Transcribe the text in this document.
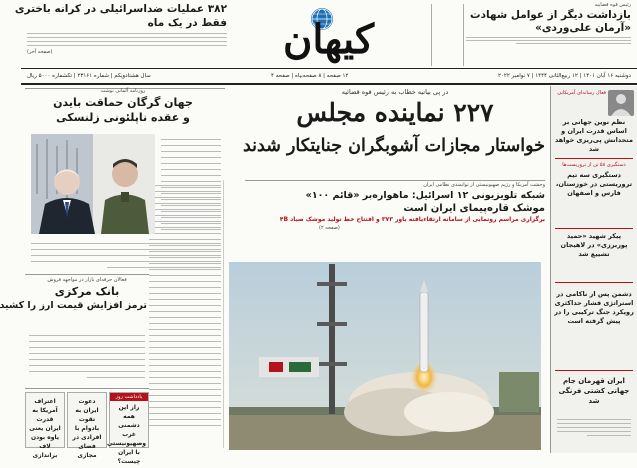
رئیس قوه قضاییه
بازداشت دیگر از عوامل شهادت
«آرمان علی‌وردی»
کیهان
۳۸۲ عملیات ضداسرائیلی در کرانه باختری
فقط در یک ماه
(صفحه آخر)
دوشنبه ۱۶ آبان ۱۴۰۱ | ۱۲ ربیع‌الثانی ۱۴۴۴ | ۷ نوامبر ۲۰۲۲
۱۲ صفحه | ۸ صفحه‌بیاه | صفحه ۴
سال هشتادویکم | شماره ۲۳۱۶۱ | تکشماره ۵۰۰۰ ریال
فعال رسانه‌ای آمریکایی
نظم نوین جهانی بر اساس قدرت ایران و متحدانش پی‌ریزی خواهد شد
دستگیری ۵۸ تن از تروریست‌ها
دستگیری سه تیم تروریستی در خوزستان، فارس و اصفهان
پیکر شهید «حمید پوربرزی» در لاهیجان تشییع شد
دشمن پس از ناکامی در استراتژی فشار حداکثری رویکرد جنگ ترکیبی را در پیش گرفته است
ایران قهرمان جام جهانی کشتی فرنگی شد
در پی بیانیه خطاب به رئیس قوه قضائیه
۲۲۷ نماینده مجلس
خواستار مجازات آشوبگران جنایتکار شدند
وحشت آمریکا و رژیم صهیونیستی از توانمندی نظامی ایران
شبکه تلویزیونی ۱۲ اسرائیل: ماهواره‌بر «قائم ۱۰۰»
موشک قاره‌پیمای ایران است
برگزاری مراسم رونمایی از سامانه ارتقاءیافته باور ۳۷۳ و افتتاح خط تولید موشک صیاد ۴B
(صفحه ۲)
روزنامه آلمانی نوشت
جهان گرگان حماقت بایدن
و عقده ناپلئونی زلنسکی
فعالان حرفه‌ای بازار در مواجهه فروش
بانک مرکزی
ترمز افزایش قیمت ارز را کشید
اعتراف آمریکا به قدرت ایران یعنی یاوه بودن لاف براندازی
دعوت ایران به تقوت بادوام با افرادی در فضای مجازی
یادداشت روز
راز این همه دشمنی غرب وصهیونیستی با ایران چیست؟
